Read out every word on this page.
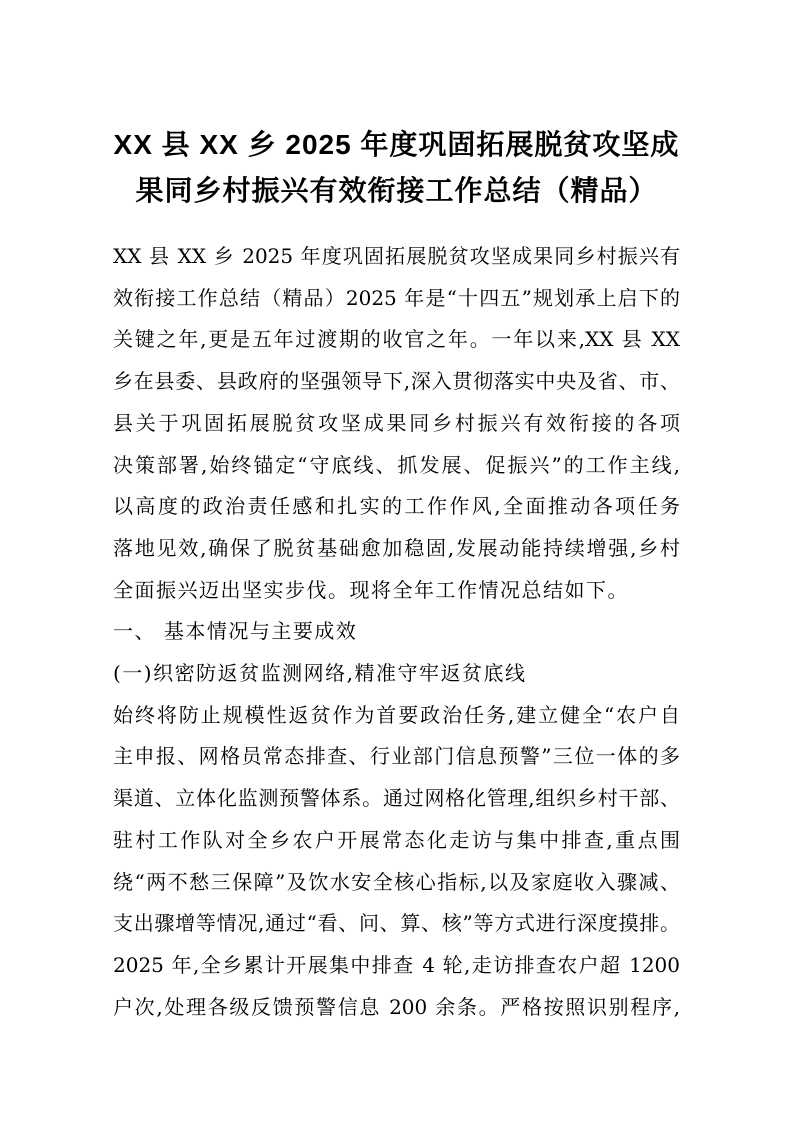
XX 县 XX 乡 2025 年度巩固拓展脱贫攻坚成
果同乡村振兴有效衔接工作总结（精品）
XX 县 XX 乡 2025 年度巩固拓展脱贫攻坚成果同乡村振兴有
效衔接工作总结（精品）2025 年是“十四五”规划承上启下的
关键之年,更是五年过渡期的收官之年。一年以来,XX 县 XX
乡在县委、县政府的坚强领导下,深入贯彻落实中央及省、市、
县关于巩固拓展脱贫攻坚成果同乡村振兴有效衔接的各项
决策部署,始终锚定“守底线、抓发展、促振兴”的工作主线,
以高度的政治责任感和扎实的工作作风,全面推动各项任务
落地见效,确保了脱贫基础愈加稳固,发展动能持续增强,乡村
全面振兴迈出坚实步伐。现将全年工作情况总结如下。
一、 基本情况与主要成效
(一)织密防返贫监测网络,精准守牢返贫底线
始终将防止规模性返贫作为首要政治任务,建立健全“农户自
主申报、网格员常态排查、行业部门信息预警”三位一体的多
渠道、立体化监测预警体系。通过网格化管理,组织乡村干部、
驻村工作队对全乡农户开展常态化走访与集中排查,重点围
绕“两不愁三保障”及饮水安全核心指标,以及家庭收入骤减、
支出骤增等情况,通过“看、问、算、核”等方式进行深度摸排。
2025 年,全乡累计开展集中排查 4 轮,走访排查农户超 1200
户次,处理各级反馈预警信息 200 余条。严格按照识别程序,
